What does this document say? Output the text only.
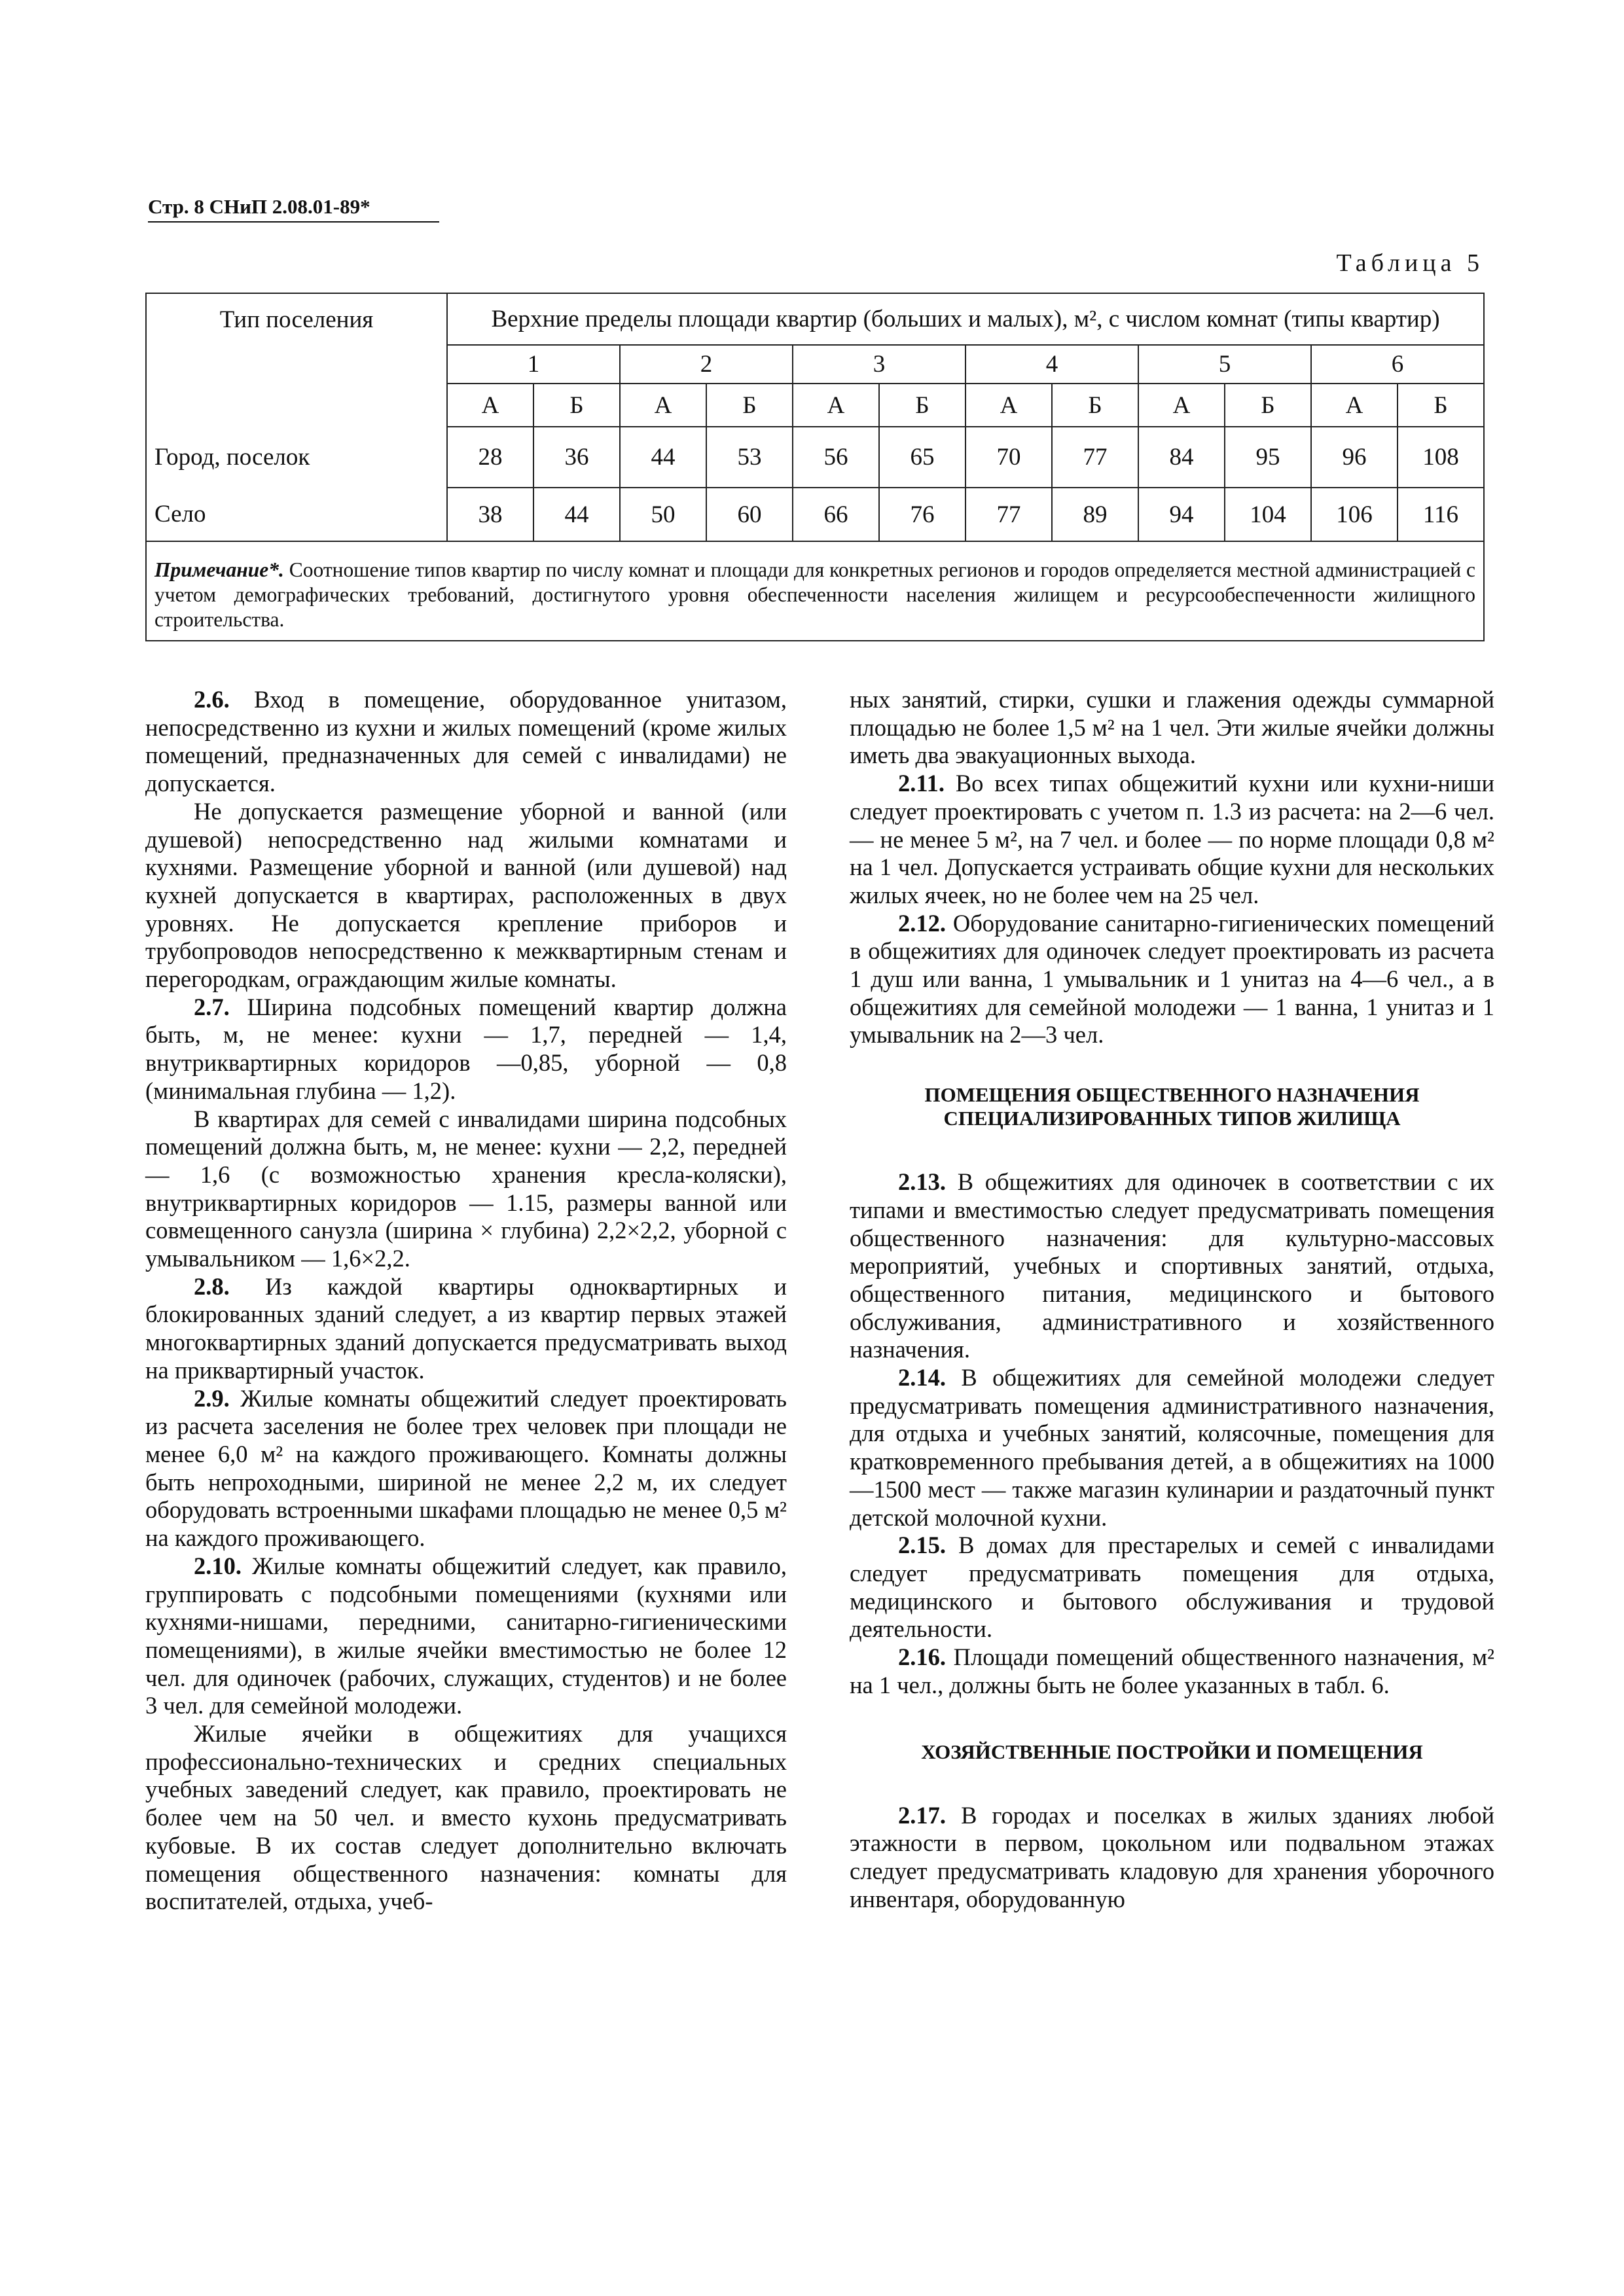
Стр. 8 СНиП 2.08.01-89*
Таблица 5
Тип поселения	Верхние пределы площади квартир (больших и малых), м², с числом комнат (типы квартир)											
	1		2		3		4		5		6	
	А	Б	А	Б	А	Б	А	Б	А	Б	А	Б
Город, поселок	28	36	44	53	56	65	70	77	84	95	96	108
Село	38	44	50	60	66	76	77	89	94	104	106	116
Примечание*. Соотношение типов квартир по числу комнат и площади для конкретных регионов и городов определяется местной администрацией с учетом демографических требований, достигнутого уровня обеспеченности населения жилищем и ресурсообеспеченности жилищного строительства.												

2.6. Вход в помещение, оборудованное унитазом, непосредственно из кухни и жилых помещений (кроме жилых помещений, предназначенных для семей с инвалидами) не допускается.

Не допускается размещение уборной и ванной (или душевой) непосредственно над жилыми комнатами и кухнями. Размещение уборной и ванной (или душевой) над кухней допускается в квартирах, расположенных в двух уровнях. Не допускается крепление приборов и трубопроводов непосредственно к межквартирным стенам и перегородкам, ограждающим жилые комнаты.

2.7. Ширина подсобных помещений квартир должна быть, м, не менее: кухни — 1,7, передней — 1,4, внутриквартирных коридоров —0,85, уборной — 0,8 (минимальная глубина — 1,2).

В квартирах для семей с инвалидами ширина подсобных помещений должна быть, м, не менее: кухни — 2,2, передней — 1,6 (с возможностью хранения кресла-коляски), внутриквартирных коридоров — 1.15, размеры ванной или совмещенного санузла (ширина × глубина) 2,2×2,2, уборной с умывальником — 1,6×2,2.

2.8. Из каждой квартиры одноквартирных и блокированных зданий следует, а из квартир первых этажей многоквартирных зданий допускается предусматривать выход на приквартирный участок.

2.9. Жилые комнаты общежитий следует проектировать из расчета заселения не более трех человек при площади не менее 6,0 м² на каждого проживающего. Комнаты должны быть непроходными, шириной не менее 2,2 м, их следует оборудовать встроенными шкафами площадью не менее 0,5 м² на каждого проживающего.

2.10. Жилые комнаты общежитий следует, как правило, группировать с подсобными помещениями (кухнями или кухнями-нишами, передними, санитарно-гигиеническими помещениями), в жилые ячейки вместимостью не более 12 чел. для одиночек (рабочих, служащих, студентов) и не более 3 чел. для семейной молодежи.

Жилые ячейки в общежитиях для учащихся профессионально-технических и средних специальных учебных заведений следует, как правило, проектировать не более чем на 50 чел. и вместо кухонь предусматривать кубовые. В их состав следует дополнительно включать помещения общественного назначения: комнаты для воспитателей, отдыха, учеб-

ных занятий, стирки, сушки и глажения одежды суммарной площадью не более 1,5 м² на 1 чел. Эти жилые ячейки должны иметь два эвакуационных выхода.

2.11. Во всех типах общежитий кухни или кухни-ниши следует проектировать с учетом п. 1.3 из расчета: на 2—6 чел. — не менее 5 м², на 7 чел. и более — по норме площади 0,8 м² на 1 чел. Допускается устраивать общие кухни для нескольких жилых ячеек, но не более чем на 25 чел.

2.12. Оборудование санитарно-гигиенических помещений в общежитиях для одиночек следует проектировать из расчета 1 душ или ванна, 1 умывальник и 1 унитаз на 4—6 чел., а в общежитиях для семейной молодежи — 1 ванна, 1 унитаз и 1 умывальник на 2—3 чел.

ПОМЕЩЕНИЯ ОБЩЕСТВЕННОГО НАЗНАЧЕНИЯ
СПЕЦИАЛИЗИРОВАННЫХ ТИПОВ ЖИЛИЩА

2.13. В общежитиях для одиночек в соответствии с их типами и вместимостью следует предусматривать помещения общественного назначения: для культурно-массовых мероприятий, учебных и спортивных занятий, отдыха, общественного питания, медицинского и бытового обслуживания, административного и хозяйственного назначения.

2.14. В общежитиях для семейной молодежи следует предусматривать помещения административного назначения, для отдыха и учебных занятий, колясочные, помещения для кратковременного пребывания детей, а в общежитиях на 1000—1500 мест — также магазин кулинарии и раздаточный пункт детской молочной кухни.

2.15. В домах для престарелых и семей с инвалидами следует предусматривать помещения для отдыха, медицинского и бытового обслуживания и трудовой деятельности.

2.16. Площади помещений общественного назначения, м² на 1 чел., должны быть не более указанных в табл. 6.

ХОЗЯЙСТВЕННЫЕ ПОСТРОЙКИ И ПОМЕЩЕНИЯ

2.17. В городах и поселках в жилых зданиях любой этажности в первом, цокольном или подвальном этажах следует предусматривать кладовую для хранения уборочного инвентаря, оборудованную
